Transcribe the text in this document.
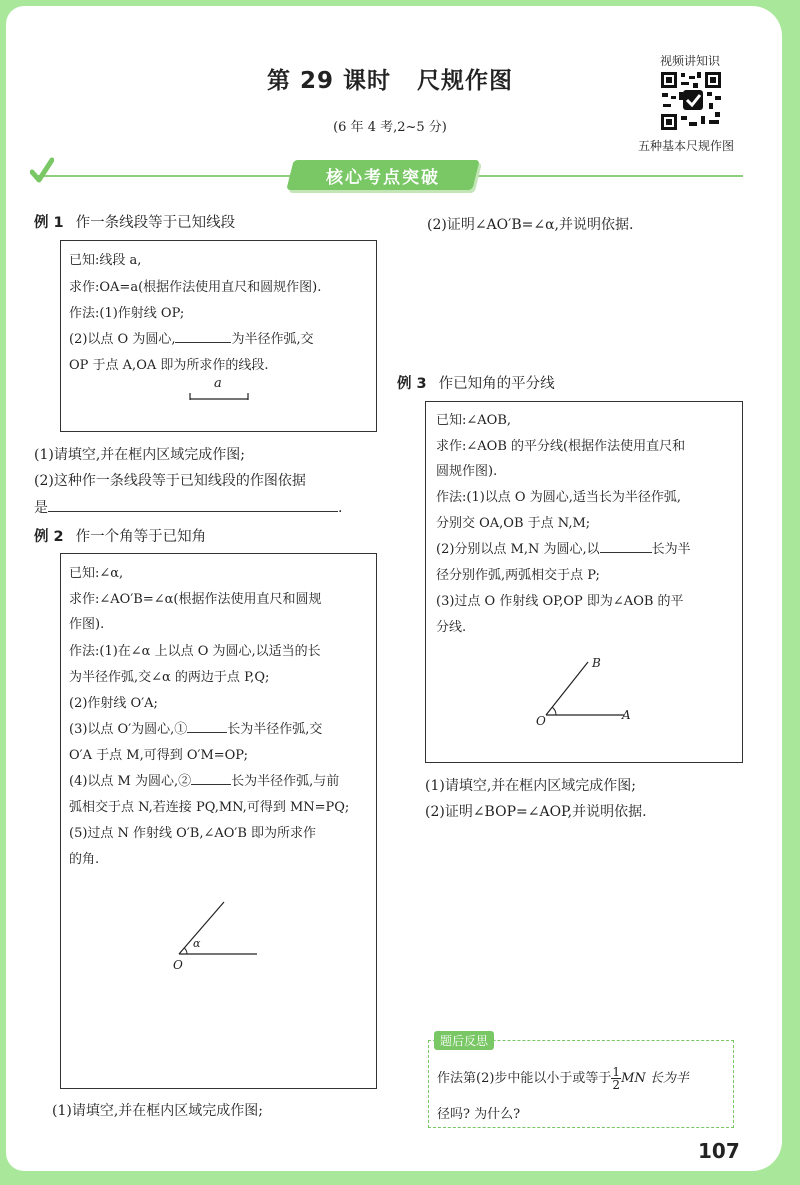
第 29 课时 尺规作图
(6 年 4 考,2~5 分)
视频讲知识
五种基本尺规作图
核心考点突破
例 1 作一条线段等于已知线段
已知:线段 a,
求作:OA=a(根据作法使用直尺和圆规作图).
作法:(1)作射线 OP;
(2)以点 O 为圆心,	为半径作弧,交
OP 于点 A,OA 即为所求作的线段.
a
(1)请填空,并在框内区域完成作图;
(2)这种作一条线段等于已知线段的作图依据
是	.
例 2 作一个角等于已知角
已知:∠α,
求作:∠AO′B=∠α(根据作法使用直尺和圆规
作图).
作法:(1)在∠α 上以点 O 为圆心,以适当的长
为半径作弧,交∠α 的两边于点 P,Q;
(2)作射线 O′A;
(3)以点 O′为圆心,①	长为半径作弧,交
O′A 于点 M,可得到 O′M=OP;
(4)以点 M 为圆心,②	长为半径作弧,与前
弧相交于点 N,若连接 PQ,MN,可得到 MN=PQ;
(5)过点 N 作射线 O′B,∠AO′B 即为所求作
的角.
α
O
(1)请填空,并在框内区域完成作图;
(2)证明∠AO′B=∠α,并说明依据.
例 3 作已知角的平分线
已知:∠AOB,
求作:∠AOB 的平分线(根据作法使用直尺和
圆规作图).
作法:(1)以点 O 为圆心,适当长为半径作弧,
分别交 OA,OB 于点 N,M;
(2)分别以点 M,N 为圆心,以	长为半
径分别作弧,两弧相交于点 P;
(3)过点 O 作射线 OP,OP 即为∠AOB 的平
分线.
B
O	A
(1)请填空,并在框内区域完成作图;
(2)证明∠BOP=∠AOP,并说明依据.
题后反思
作法第(2)步中能以小于或等于 $\frac{1}{2}$ MN 长为半
径吗? 为什么?
107
